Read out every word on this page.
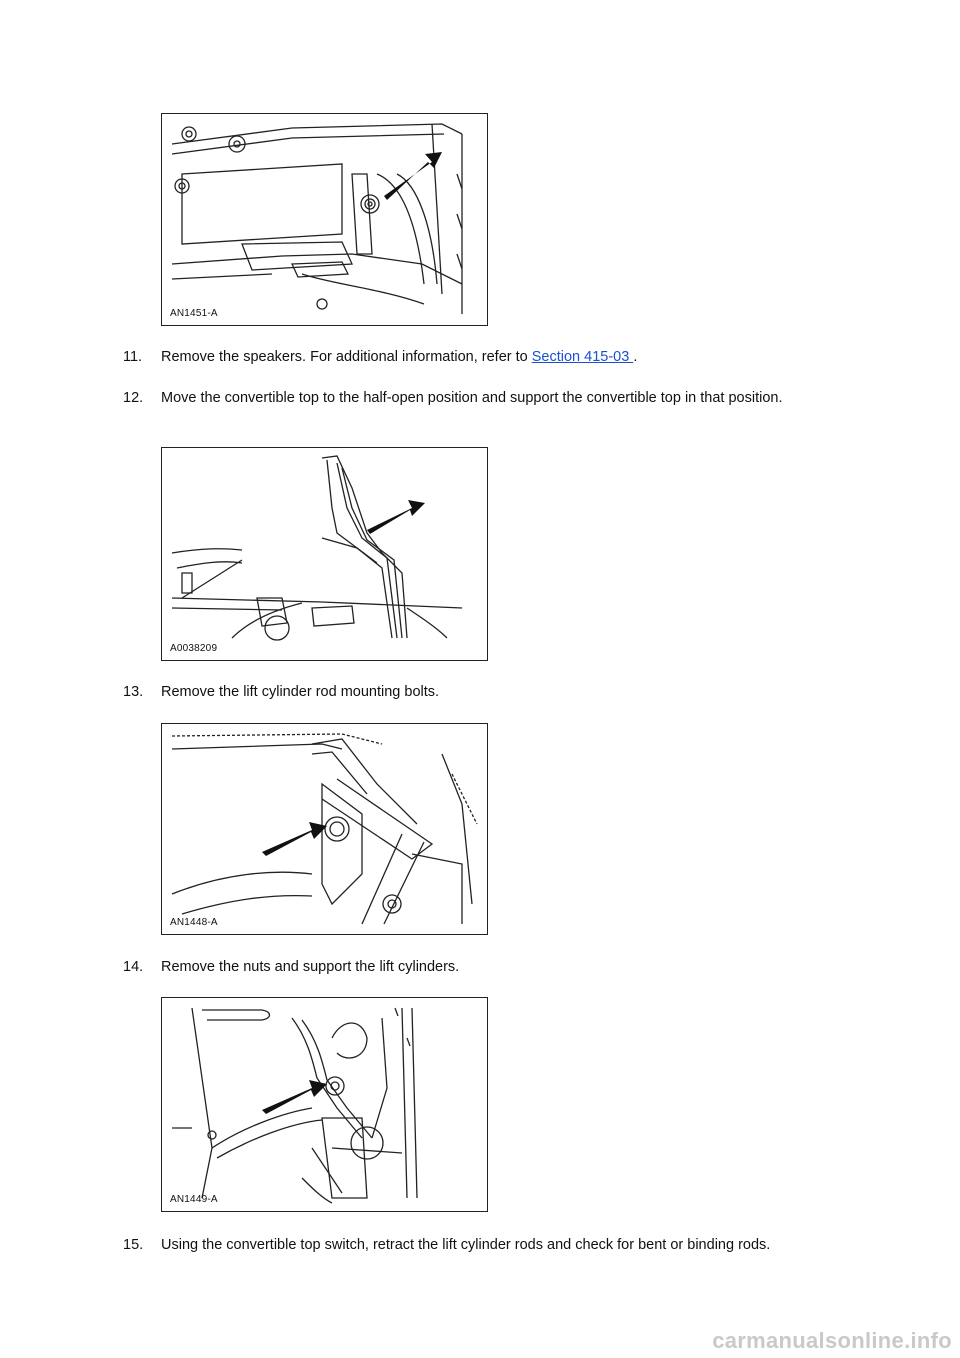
AN1451-A
11.	Remove the speakers. For additional information, refer to Section 415-03 .
12.	Move the convertible top to the half-open position and support the convertible top in that position.
A0038209
13.	Remove the lift cylinder rod mounting bolts.
AN1448-A
14.	Remove the nuts and support the lift cylinders.
AN1449-A
15.	Using the convertible top switch, retract the lift cylinder rods and check for bent or binding rods.
carmanualsonline.info
